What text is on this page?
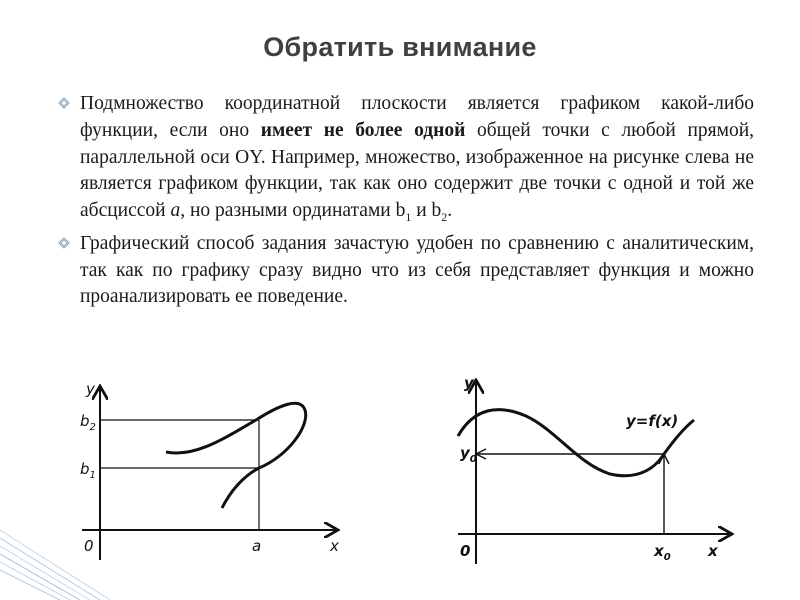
Обратить внимание
Подмножество координатной плоскости является графиком какой-либо функции, если оно имеет не более одной общей точки с любой прямой, параллельной оси OY. Например, множество, изображенное на рисунке слева не является графиком функции, так как оно содержит две точки с одной и той же абсциссой a, но разными ординатами $b_1$ и $b_2$.
Графический способ задания зачастую удобен по сравнению с аналитическим, так как по графику сразу видно что из себя представляет функция и можно проанализировать ее поведение.
y
x
0
$b_2$
$b_1$
a
y
x
0
$y_0$
$x_0$
y=f(x)
